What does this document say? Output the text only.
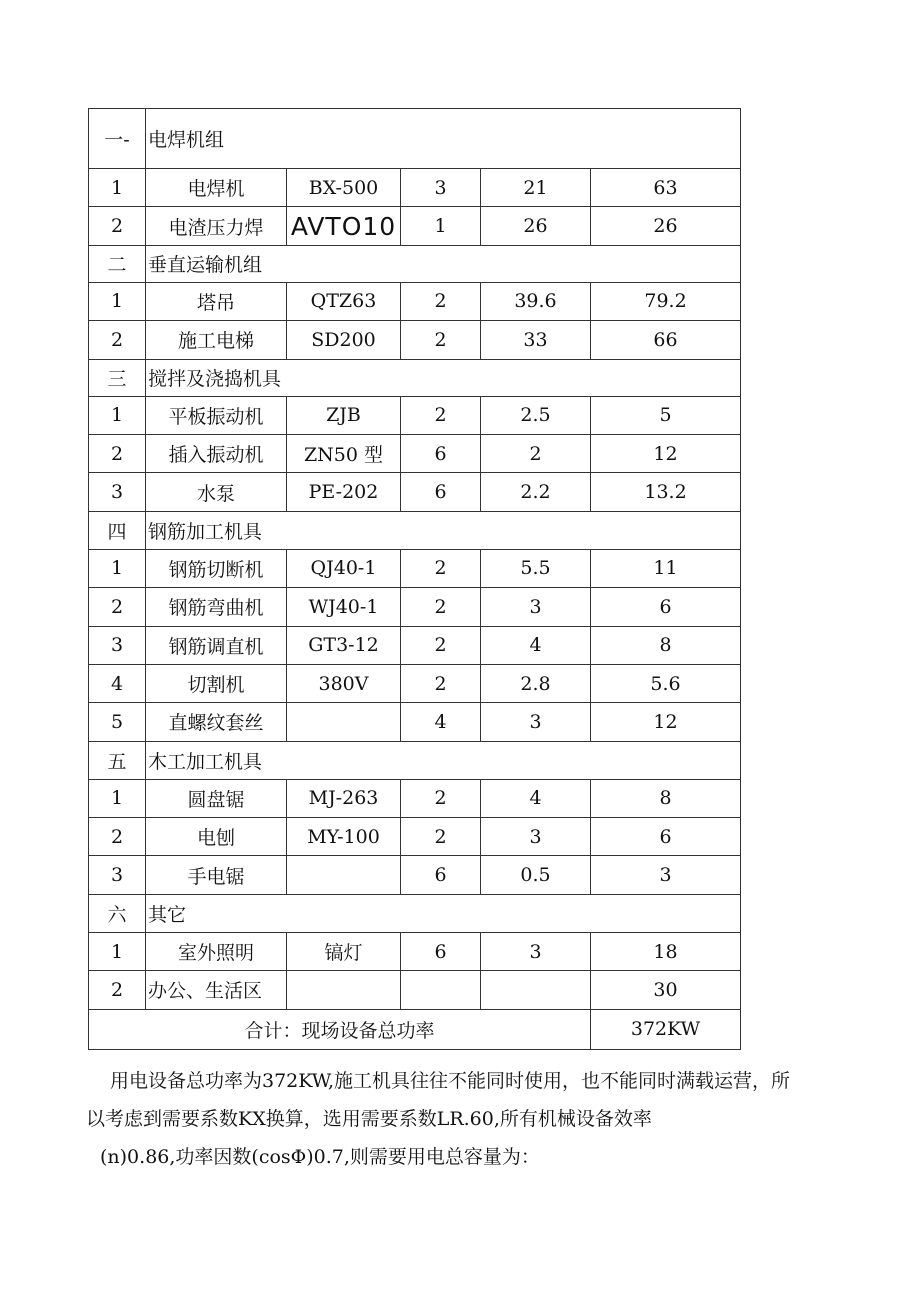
一-	电焊机组				
1	电焊机	BX-500	3	21	63
2	电渣压力焊	AVTO10	1	26	26
二	垂直运输机组				
1	塔吊	QTZ63	2	39.6	79.2
2	施工电梯	SD200	2	33	66
三	搅拌及浇捣机具				
1	平板振动机	ZJB	2	2.5	5
2	插入振动机	ZN50 型	6	2	12
3	水泵	PE-202	6	2.2	13.2
四	钢筋加工机具				
1	钢筋切断机	QJ40-1	2	5.5	11
2	钢筋弯曲机	WJ40-1	2	3	6
3	钢筋调直机	GT3-12	2	4	8
4	切割机	380V	2	2.8	5.6
5	直螺纹套丝		4	3	12
五	木工加工机具				
1	圆盘锯	MJ-263	2	4	8
2	电刨	MY-100	2	3	6
3	手电锯		6	0.5	3
六	其它				
1	室外照明	镐灯	6	3	18
2	办公、生活区				30
合计：现场设备总功率					372KW

用电设备总功率为372KW,施工机具往往不能同时使用，也不能同时满载运营，所

以考虑到需要系数KX换算，选用需要系数LR.60,所有机械设备效率

(n)0.86,功率因数(cosΦ)0.7,则需要用电总容量为：
